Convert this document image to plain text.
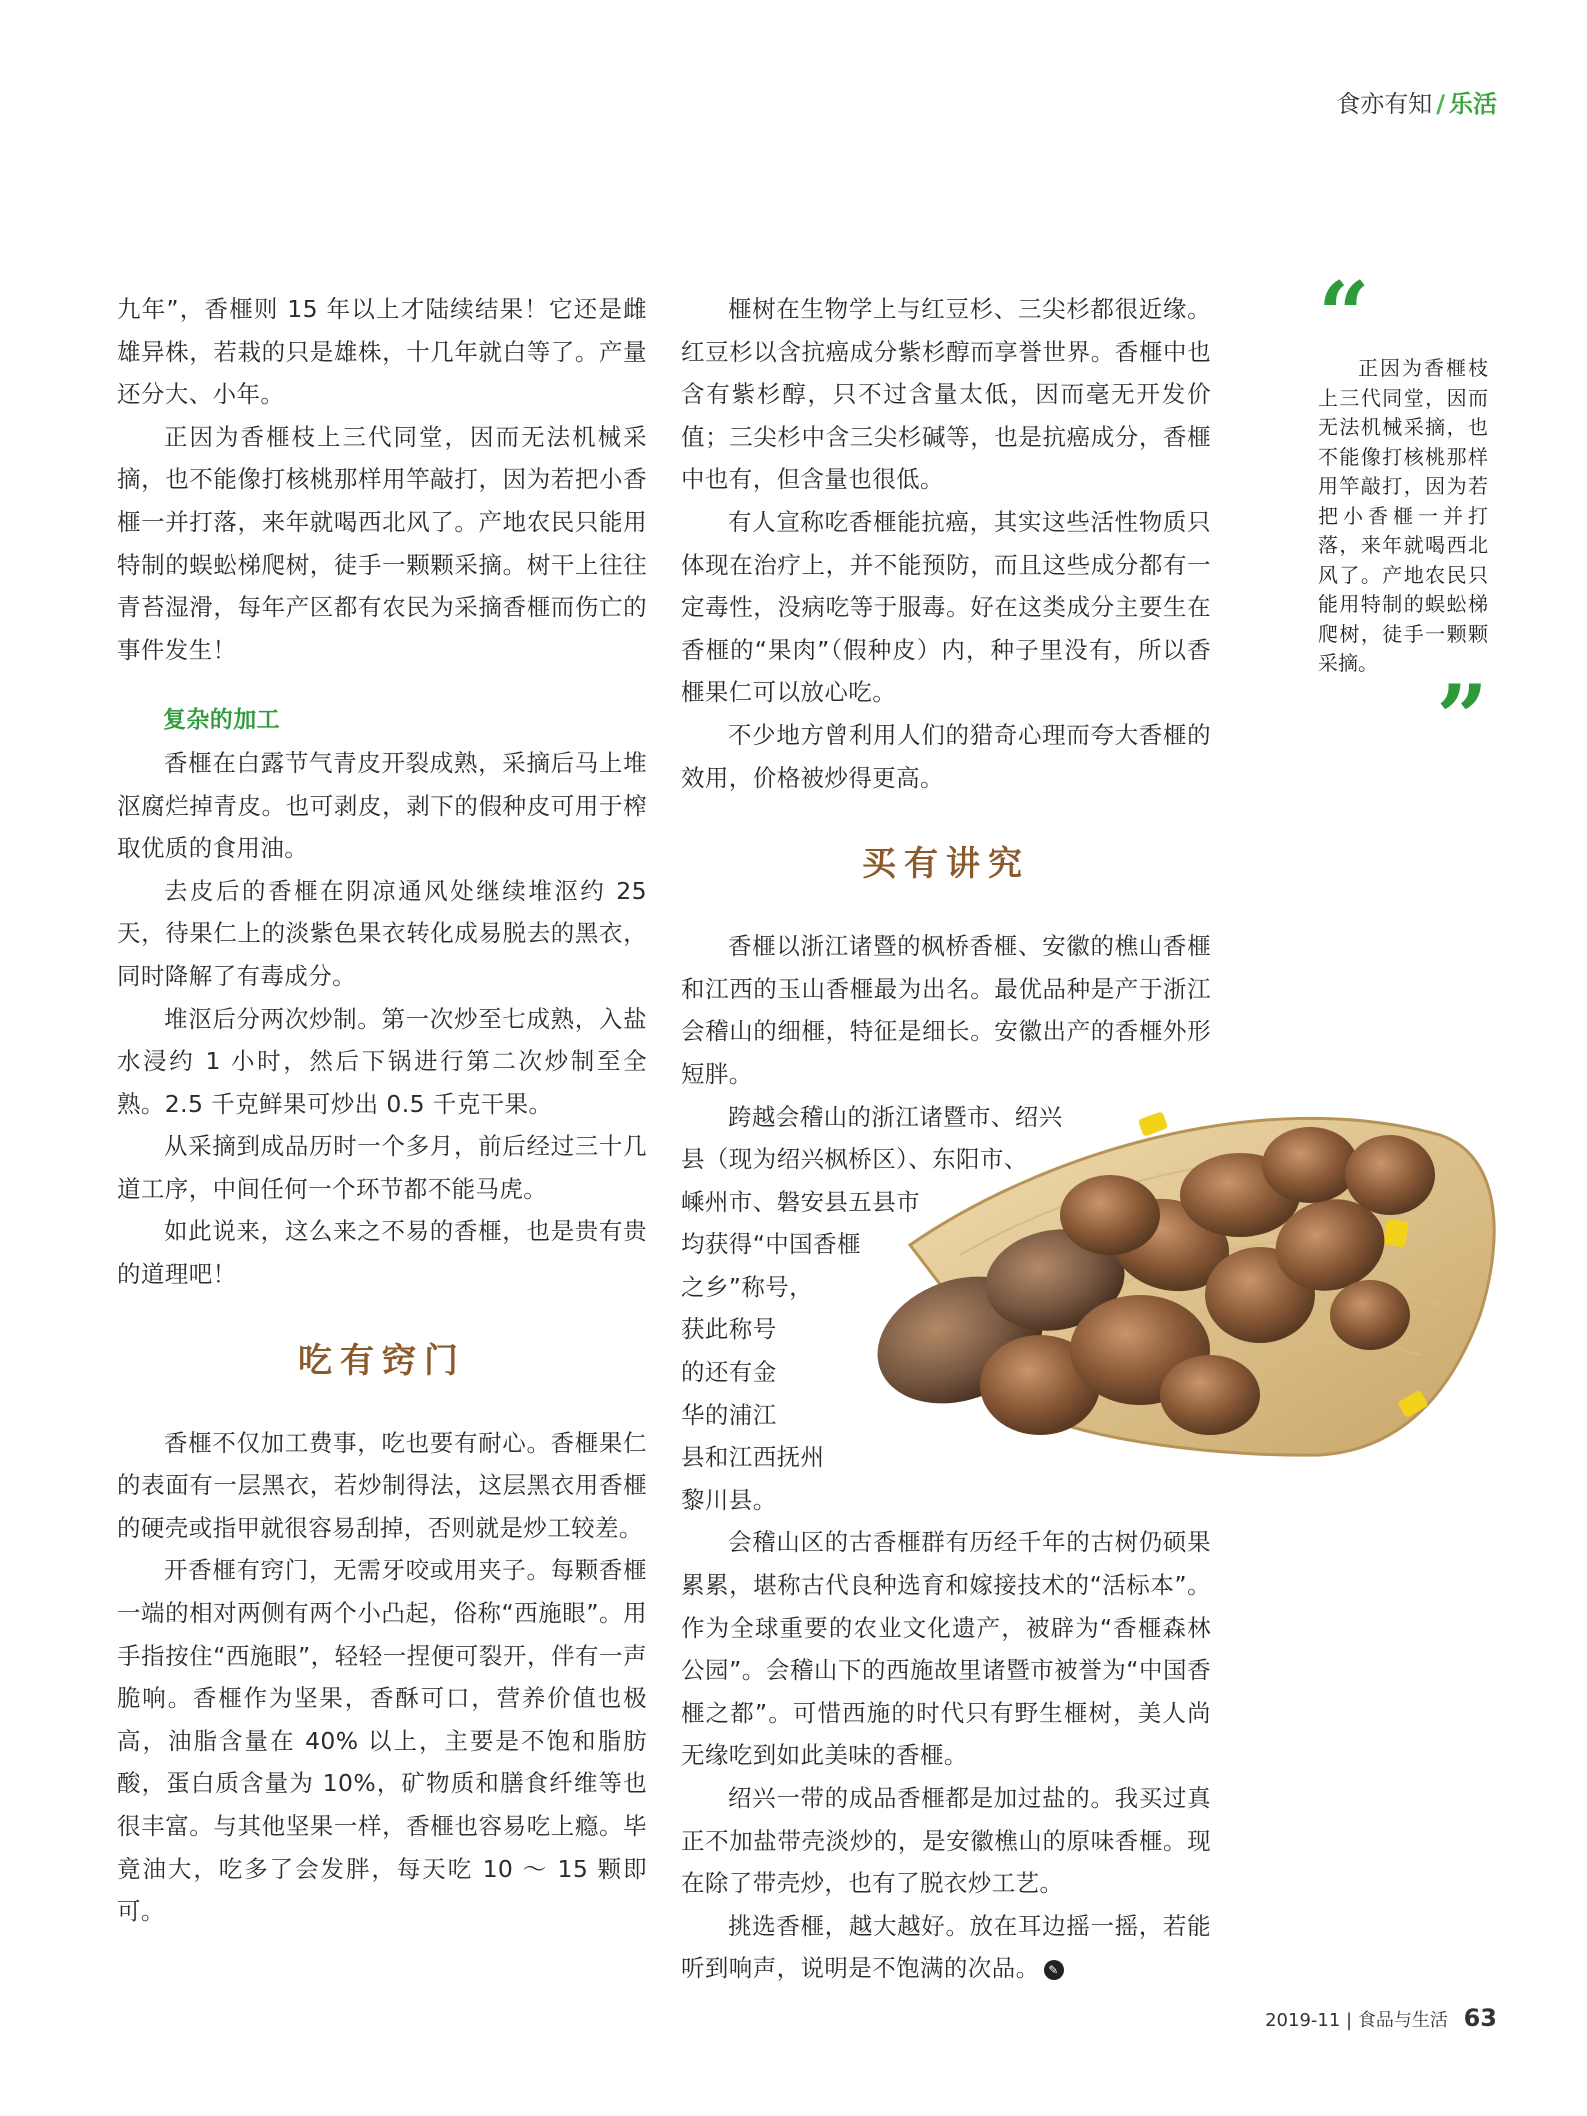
食亦有知 / 乐活

九年”，香榧则 15 年以上才陆续结果！它还是雌雄异株，若栽的只是雄株，十几年就白等了。产量还分大、小年。

正因为香榧枝上三代同堂，因而无法机械采摘，也不能像打核桃那样用竿敲打，因为若把小香榧一并打落，来年就喝西北风了。产地农民只能用特制的蜈蚣梯爬树，徒手一颗颗采摘。树干上往往青苔湿滑，每年产区都有农民为采摘香榧而伤亡的事件发生！

复杂的加工

香榧在白露节气青皮开裂成熟，采摘后马上堆沤腐烂掉青皮。也可剥皮，剥下的假种皮可用于榨取优质的食用油。

去皮后的香榧在阴凉通风处继续堆沤约 25 天，待果仁上的淡紫色果衣转化成易脱去的黑衣，同时降解了有毒成分。

堆沤后分两次炒制。第一次炒至七成熟，入盐水浸约 1 小时，然后下锅进行第二次炒制至全熟。2.5 千克鲜果可炒出 0.5 千克干果。

从采摘到成品历时一个多月，前后经过三十几道工序，中间任何一个环节都不能马虎。

如此说来，这么来之不易的香榧，也是贵有贵的道理吧！

吃有窍门

香榧不仅加工费事，吃也要有耐心。香榧果仁的表面有一层黑衣，若炒制得法，这层黑衣用香榧的硬壳或指甲就很容易刮掉，否则就是炒工较差。

开香榧有窍门，无需牙咬或用夹子。每颗香榧一端的相对两侧有两个小凸起，俗称“西施眼”。用手指按住“西施眼”，轻轻一捏便可裂开，伴有一声脆响。香榧作为坚果，香酥可口，营养价值也极高，油脂含量在 40% 以上，主要是不饱和脂肪酸，蛋白质含量为 10%，矿物质和膳食纤维等也很丰富。与其他坚果一样，香榧也容易吃上瘾。毕竟油大，吃多了会发胖，每天吃 10 ～ 15 颗即可。

榧树在生物学上与红豆杉、三尖杉都很近缘。红豆杉以含抗癌成分紫杉醇而享誉世界。香榧中也含有紫杉醇，只不过含量太低，因而毫无开发价值；三尖杉中含三尖杉碱等，也是抗癌成分，香榧中也有，但含量也很低。

有人宣称吃香榧能抗癌，其实这些活性物质只体现在治疗上，并不能预防，而且这些成分都有一定毒性，没病吃等于服毒。好在这类成分主要生在香榧的“果肉”（假种皮）内，种子里没有，所以香榧果仁可以放心吃。

不少地方曾利用人们的猎奇心理而夸大香榧的效用，价格被炒得更高。

买有讲究

香榧以浙江诸暨的枫桥香榧、安徽的樵山香榧和江西的玉山香榧最为出名。最优品种是产于浙江会稽山的细榧，特征是细长。安徽出产的香榧外形短胖。

跨越会稽山的浙江诸暨市、绍兴
县（现为绍兴枫桥区）、东阳市、
嵊州市、磐安县五县市
均获得“中国香榧
之乡”称号，
获此称号
的还有金
华的浦江
县和江西抚州
黎川县。

会稽山区的古香榧群有历经千年的古树仍硕果累累，堪称古代良种选育和嫁接技术的“活标本”。作为全球重要的农业文化遗产，被辟为“香榧森林公园”。会稽山下的西施故里诸暨市被誉为“中国香榧之都”。可惜西施的时代只有野生榧树，美人尚无缘吃到如此美味的香榧。

绍兴一带的成品香榧都是加过盐的。我买过真正不加盐带壳淡炒的，是安徽樵山的原味香榧。现在除了带壳炒，也有了脱衣炒工艺。

挑选香榧，越大越好。放在耳边摇一摇，若能听到响声，说明是不饱满的次品。 ✎

“
正因为香榧枝上三代同堂，因而无法机械采摘，也不能像打核桃那样用竿敲打，因为若把小香榧一并打落，来年就喝西北风了。产地农民只能用特制的蜈蚣梯爬树，徒手一颗颗采摘。
”
2019-11 | 食品与生活 63
